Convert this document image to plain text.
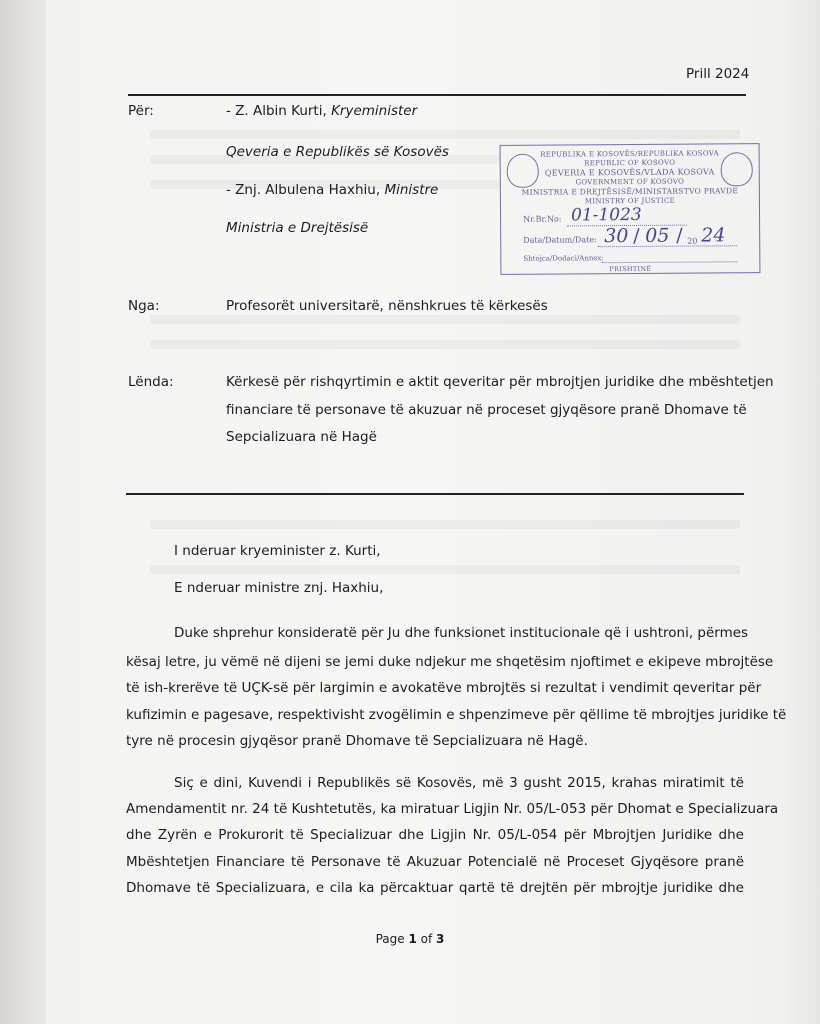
Prill 2024
Për:	- Z. Albin Kurti, Kryeminister
Qeveria e Republikës së Kosovës
- Znj. Albulena Haxhiu, Ministre
Ministria e Drejtësisë
REPUBLIKA E KOSOVËS/REPUBLIKA KOSOVA
REPUBLIC OF KOSOVO
QEVERIA E KOSOVËS/VLADA KOSOVA
GOVERNMENT OF KOSOVO
MINISTRIA E DREJTËSISË/MINISTARSTVO PRAVDE
MINISTRY OF JUSTICE
Nr.Br.No: 01-1023
Data/Datum/Date: 30 / 05 / 20 24
Shtojca/Dodaci/Annex:
PRISHTINË
Nga:	Profesorët universitarë, nënshkrues të kërkesës
Lënda:	Kërkesë për rishqyrtimin e aktit qeveritar për mbrojtjen juridike dhe mbështetjen
financiare të personave të akuzuar në proceset gjyqësore pranë Dhomave të
Sepcializuara në Hagë
I nderuar kryeminister z. Kurti,
E nderuar ministre znj. Haxhiu,
Duke shprehur konsideratë për Ju dhe funksionet institucionale që i ushtroni, përmes
kësaj letre, ju vëmë në dijeni se jemi duke ndjekur me shqetësim njoftimet e ekipeve mbrojtëse
të ish-krerëve të UÇK-së për largimin e avokatëve mbrojtës si rezultat i vendimit qeveritar për
kufizimin e pagesave, respektivisht zvogëlimin e shpenzimeve për qëllime të mbrojtjes juridike të
tyre në procesin gjyqësor pranë Dhomave të Sepcializuara në Hagë.
Siç e dini, Kuvendi i Republikës së Kosovës, më 3 gusht 2015, krahas miratimit të
Amendamentit nr. 24 të Kushtetutës, ka miratuar Ligjin Nr. 05/L-053 për Dhomat e Specializuara
dhe Zyrën e Prokurorit të Specializuar dhe Ligjin Nr. 05/L-054 për Mbrojtjen Juridike dhe
Mbështetjen Financiare të Personave të Akuzuar Potencialë në Proceset Gjyqësore pranë
Dhomave të Specializuara, e cila ka përcaktuar qartë të drejtën për mbrojtje juridike dhe
Page 1 of 3
